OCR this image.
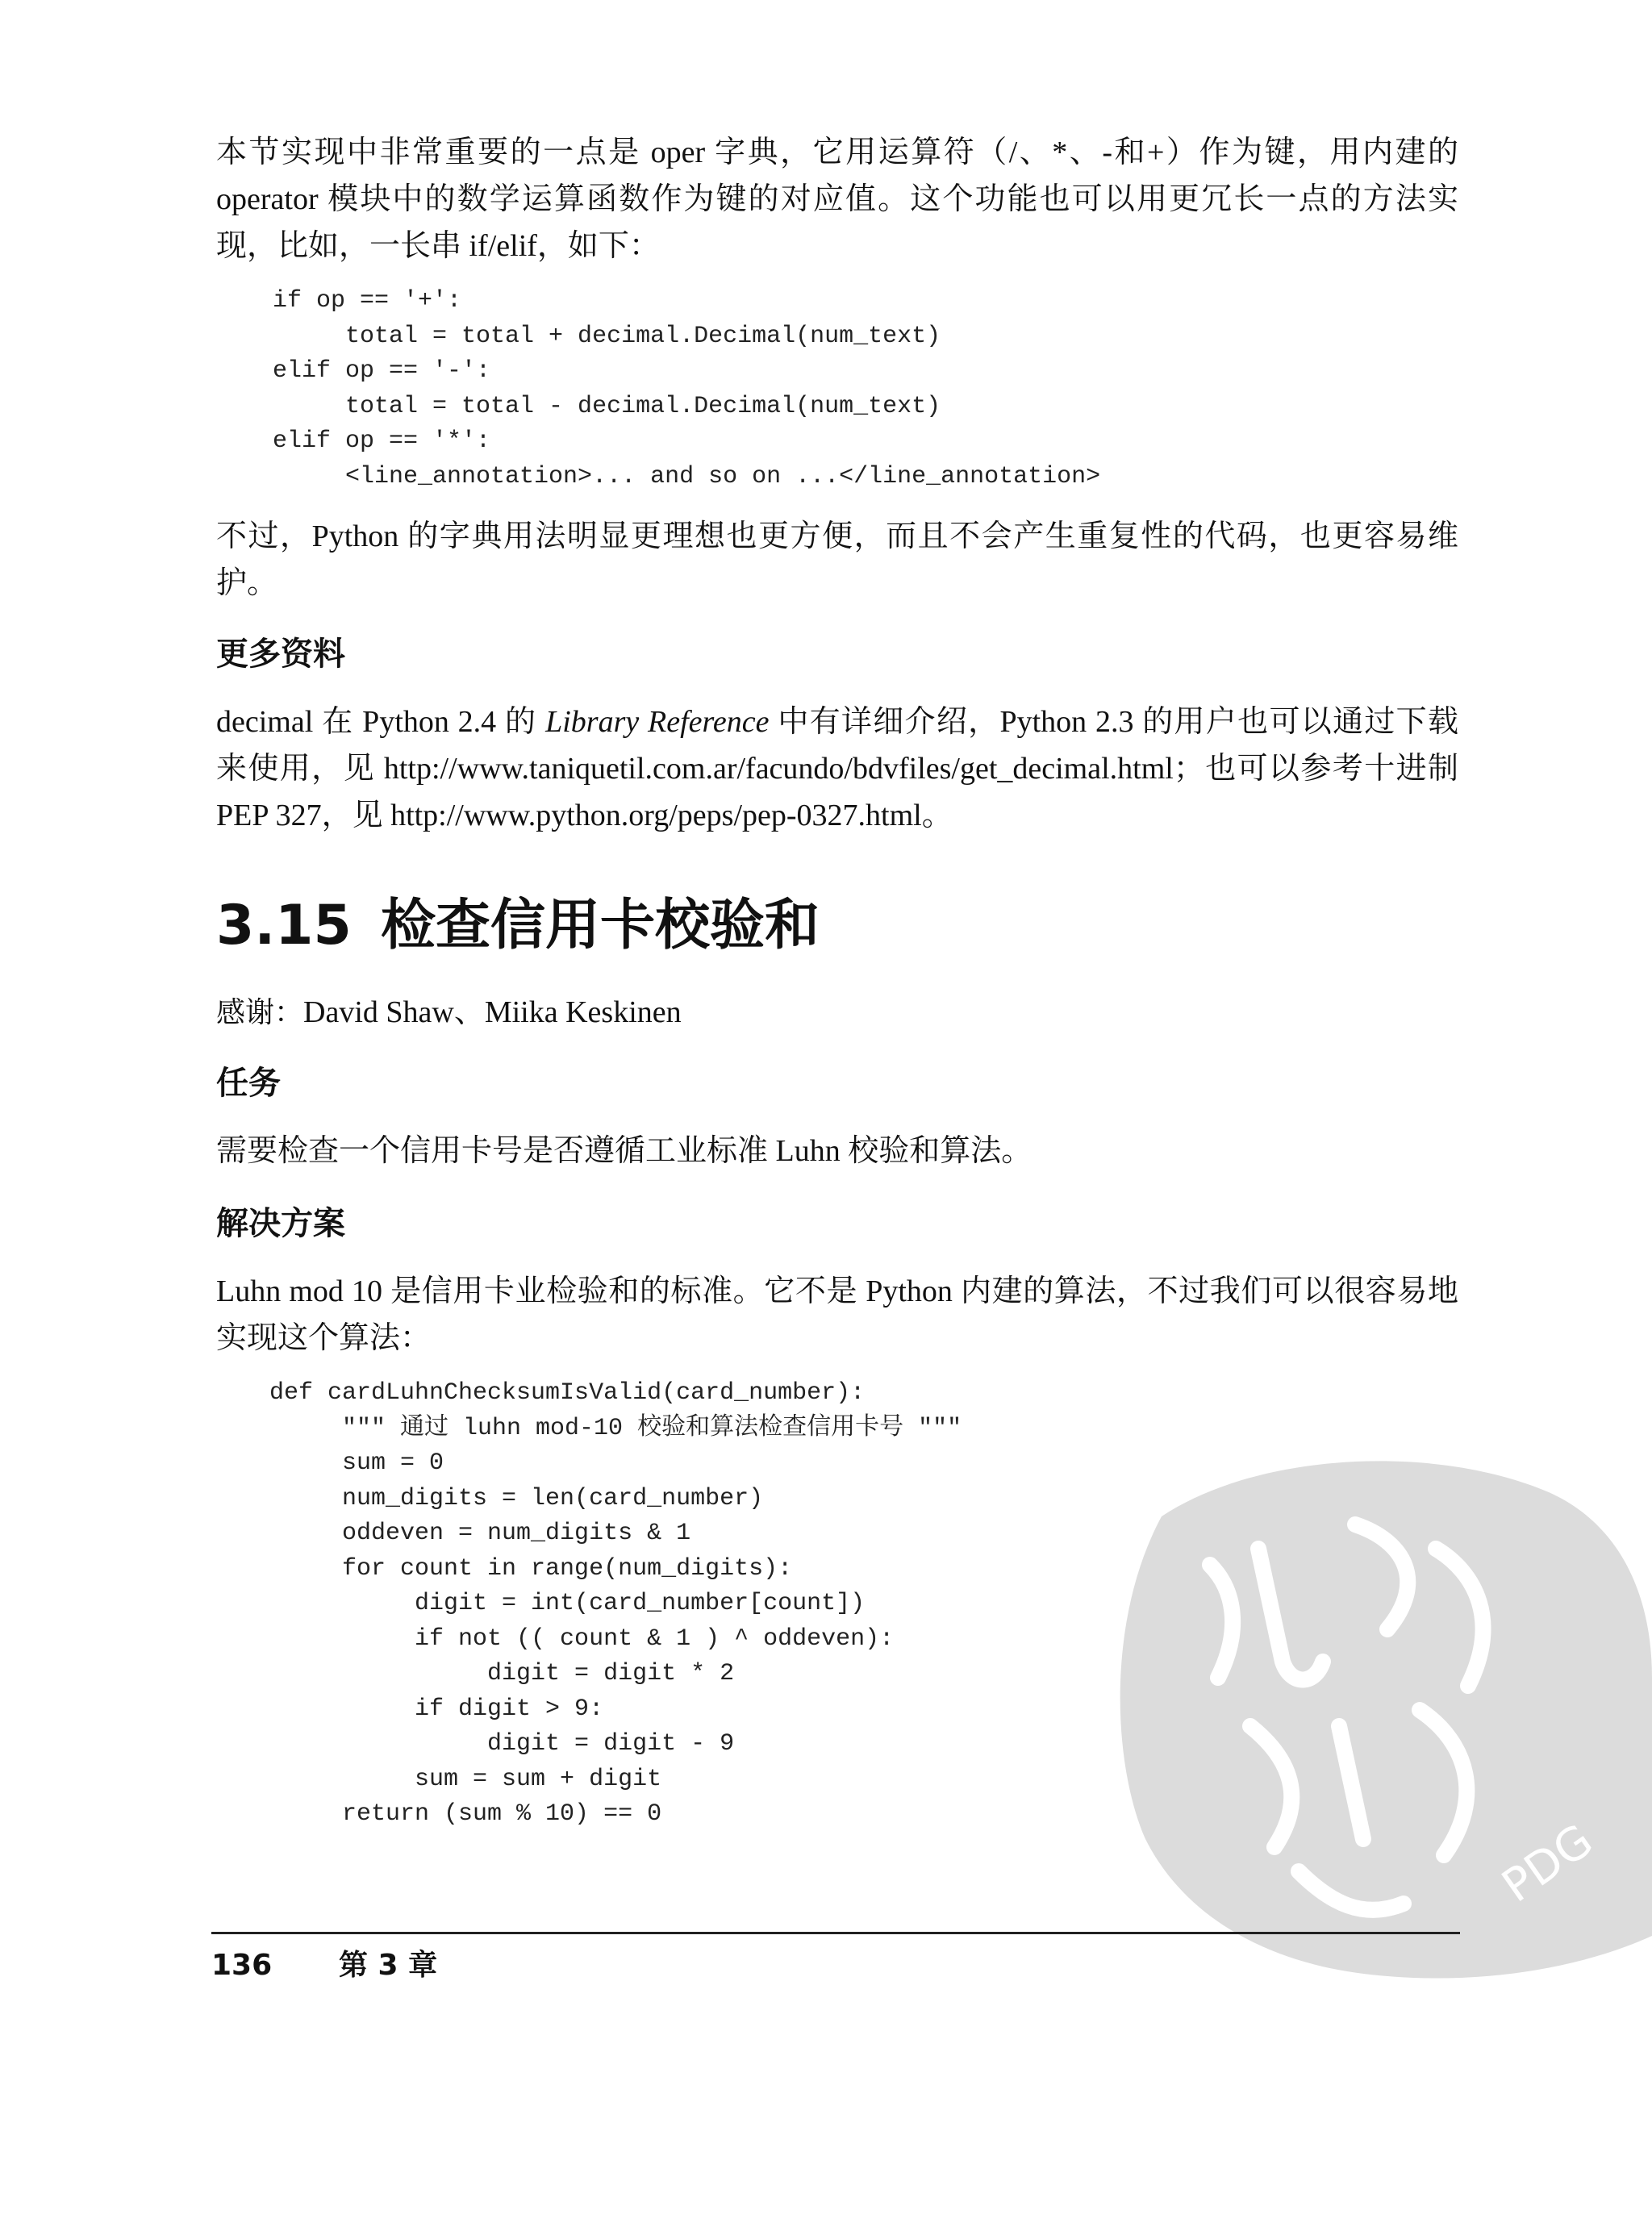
本节实现中非常重要的一点是 oper 字典，它用运算符（/、*、-和+）作为键，用内建的 operator 模块中的数学运算函数作为键的对应值。这个功能也可以用更冗长一点的方法实现，比如，一长串 if/elif，如下：

if op == '+':
total = total + decimal.Decimal(num_text)
elif op == '-':
total = total - decimal.Decimal(num_text)
elif op == '*':
<line_annotation>... and so on ...</line_annotation>

不过，Python 的字典用法明显更理想也更方便，而且不会产生重复性的代码，也更容易维护。

更多资料

decimal 在 Python 2.4 的 Library Reference 中有详细介绍，Python 2.3 的用户也可以通过下载来使用，见 http://www.taniquetil.com.ar/facundo/bdvfiles/get_decimal.html；也可以参考十进制 PEP 327，见 http://www.python.org/peps/pep-0327.html。

3.15 检查信用卡校验和
感谢：David Shaw、Miika Keskinen
任务

需要检查一个信用卡号是否遵循工业标准 Luhn 校验和算法。

解决方案

Luhn mod 10 是信用卡业检验和的标准。它不是 Python 内建的算法，不过我们可以很容易地实现这个算法：

def cardLuhnChecksumIsValid(card_number):
""" 通过 luhn mod-10 校验和算法检查信用卡号 """
sum = 0
num_digits = len(card_number)
oddeven = num_digits & 1
for count in range(num_digits):
digit = int(card_number[count])
if not (( count & 1 ) ^ oddeven):
digit = digit * 2
if digit > 9:
digit = digit - 9
sum = sum + digit
return (sum % 10) == 0
PDG
136 第 3 章
